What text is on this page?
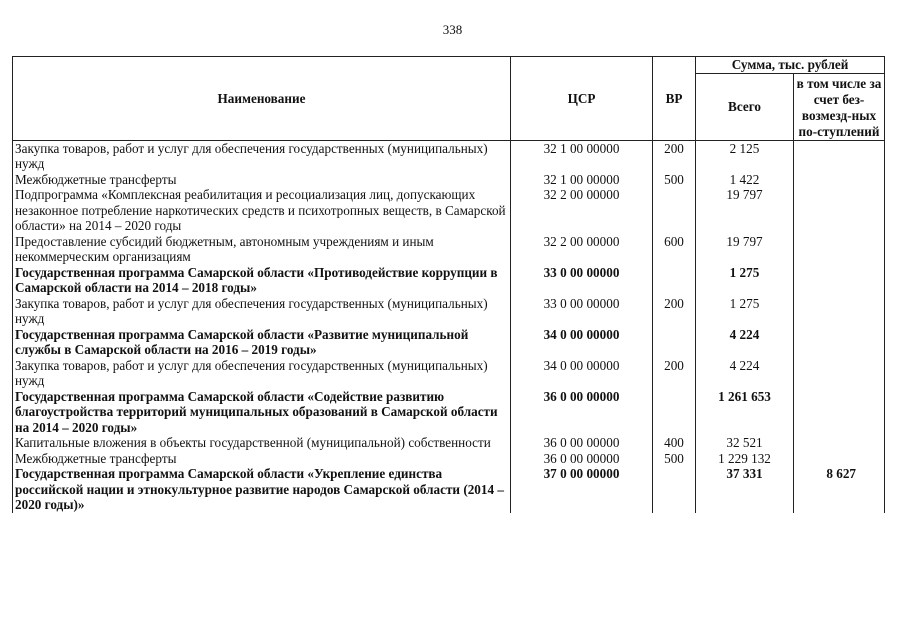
338
Наименование	ЦСР	ВР	Сумма, тыс. рублей	
			Всего	в том числе за счет без-возмезд-ных по-ступлений
Закупка товаров, работ и услуг для обеспечения государственных (муниципальных) нужд	32 1 00 00000	200	2 125	
Межбюджетные трансферты	32 1 00 00000	500	1 422	
Подпрограмма «Комплексная реабилитация и ресоциализация лиц, допускающих незаконное потребление наркотических средств и психотропных веществ, в Самарской области» на 2014 – 2020 годы	32 2 00 00000		19 797	
Предоставление субсидий бюджетным, автономным учреждениям и иным некоммерческим организациям	32 2 00 00000	600	19 797	
Государственная программа Самарской области «Противодействие коррупции в Самарской области на 2014 – 2018 годы»	33 0 00 00000		1 275	
Закупка товаров, работ и услуг для обеспечения государственных (муниципальных) нужд	33 0 00 00000	200	1 275	
Государственная программа Самарской области «Развитие муниципальной службы в Самарской области на 2016 – 2019 годы»	34 0 00 00000		4 224	
Закупка товаров, работ и услуг для обеспечения государственных (муниципальных) нужд	34 0 00 00000	200	4 224	
Государственная программа Самарской области «Содействие развитию благоустройства территорий муниципальных образований в Самарской области на 2014 – 2020 годы»	36 0 00 00000		1 261 653	
Капитальные вложения в объекты государственной (муниципальной) собственности	36 0 00 00000	400	32 521	
Межбюджетные трансферты	36 0 00 00000	500	1 229 132	
Государственная программа Самарской области «Укрепление единства российской нации и этнокультурное развитие народов Самарской области (2014 – 2020 годы)»	37 0 00 00000		37 331	8 627
